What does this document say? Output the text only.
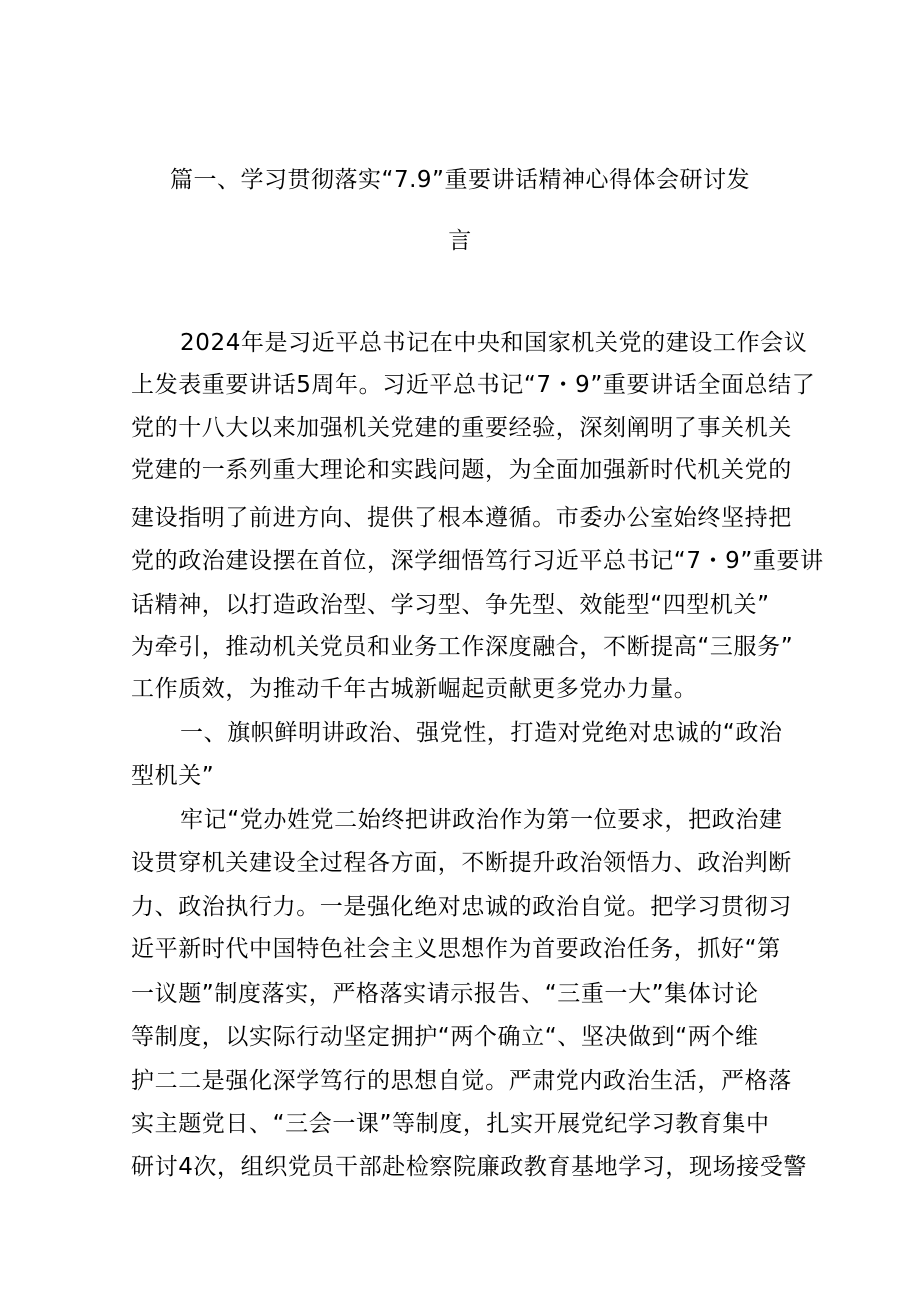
篇一、学习贯彻落实“7.9”重要讲话精神心得体会研讨发
言
2024年是习近平总书记在中央和国家机关党的建设工作会议
上发表重要讲话5周年。习近平总书记“7・9”重要讲话全面总结了
党的十八大以来加强机关党建的重要经验，深刻阐明了事关机关
党建的一系列重大理论和实践问题，为全面加强新时代机关党的
建设指明了前进方向、提供了根本遵循。市委办公室始终坚持把
党的政治建设摆在首位，深学细悟笃行习近平总书记“7・9”重要讲
话精神，以打造政治型、学习型、争先型、效能型“四型机关”
为牵引，推动机关党员和业务工作深度融合，不断提高“三服务”
工作质效，为推动千年古城新崛起贡献更多党办力量。
一、旗帜鲜明讲政治、强党性，打造对党绝对忠诚的“政治
型机关”
牢记“党办姓党二始终把讲政治作为第一位要求，把政治建
设贯穿机关建设全过程各方面，不断提升政治领悟力、政治判断
力、政治执行力。一是强化绝对忠诚的政治自觉。把学习贯彻习
近平新时代中国特色社会主义思想作为首要政治任务，抓好“第
一议题”制度落实，严格落实请示报告、“三重一大”集体讨论
等制度，以实际行动坚定拥护“两个确立“、坚决做到“两个维
护二二是强化深学笃行的思想自觉。严肃党内政治生活，严格落
实主题党日、“三会一课”等制度，扎实开展党纪学习教育集中
研讨4次，组织党员干部赴检察院廉政教育基地学习，现场接受警
